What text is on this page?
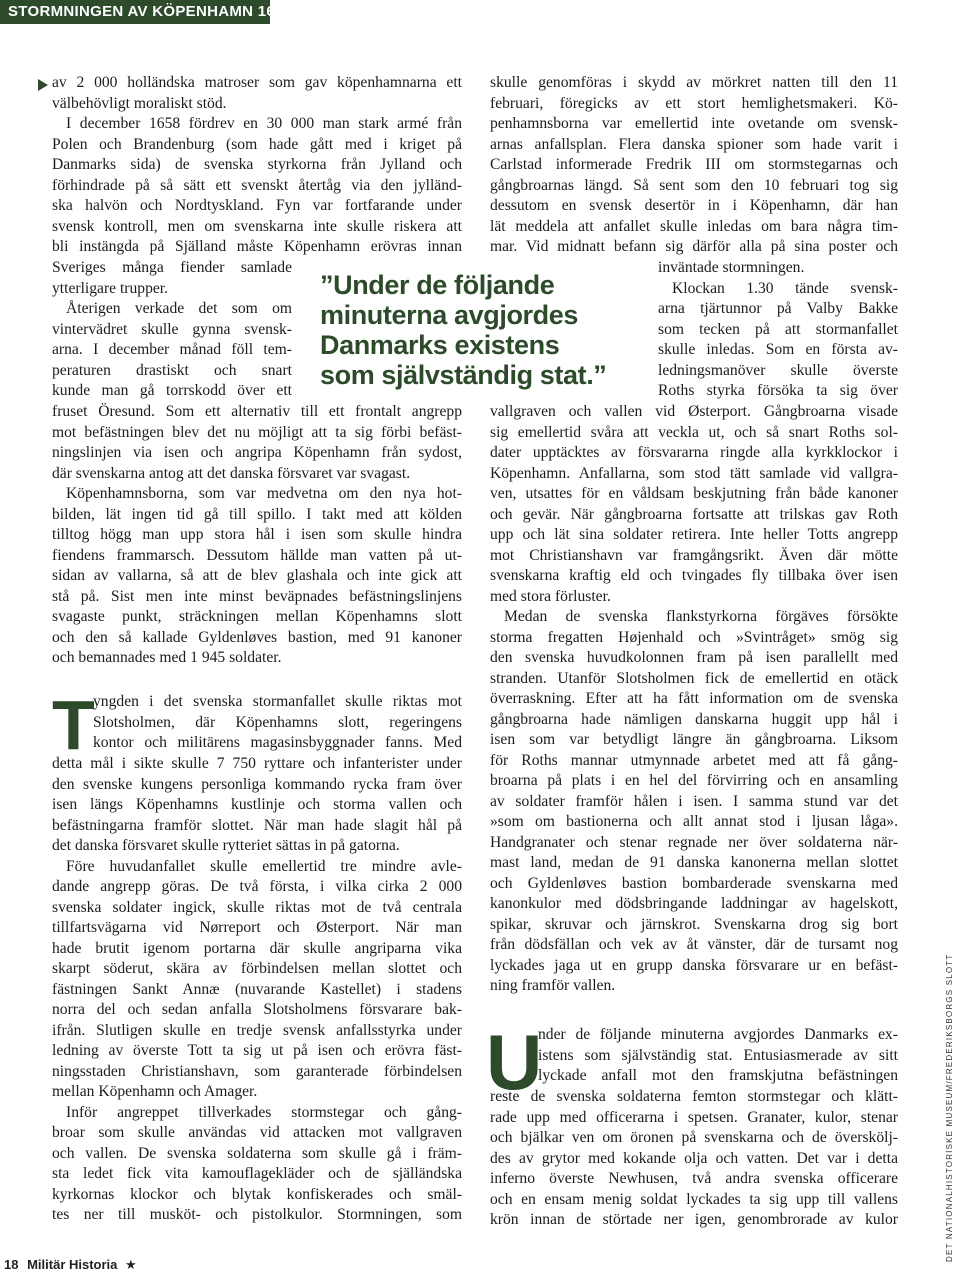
STORMNINGEN AV KÖPENHAMN 1659
av 2 000 holländska matroser som gav köpenhamnarna ett
välbehövligt moraliskt stöd.
I december 1658 fördrev en 30 000 man stark armé från
Polen och Brandenburg (som hade gått med i kriget på
Danmarks sida) de svenska styrkorna från Jylland och
förhindrade på så sätt ett svenskt återtåg via den jylländ-
ska halvön och Nordtyskland. Fyn var fortfarande under
svensk kontroll, men om svenskarna inte skulle riskera att
bli instängda på Själland måste Köpenhamn erövras innan
Sveriges många fiender samlade
ytterligare trupper.
Återigen verkade det som om
vintervädret skulle gynna svensk-
arna. I december månad föll tem-
peraturen drastiskt och snart
kunde man gå torrskodd över ett
fruset Öresund. Som ett alternativ till ett frontalt angrepp
mot befästningen blev det nu möjligt att ta sig förbi befäst-
ningslinjen via isen och angripa Köpenhamn från sydost,
där svenskarna antog att det danska försvaret var svagast.
Köpenhamnsborna, som var medvetna om den nya hot-
bilden, lät ingen tid gå till spillo. I takt med att kölden
tilltog högg man upp stora hål i isen som skulle hindra
fiendens frammarsch. Dessutom hällde man vatten på ut-
sidan av vallarna, så att de blev glashala och inte gick att
stå på. Sist men inte minst beväpnades befästningslinjens
svagaste punkt, sträckningen mellan Köpenhamns slott
och den så kallade Gyldenløves bastion, med 91 kanoner
och bemannades med 1 945 soldater.
T
yngden i det svenska stormanfallet skulle riktas mot
Slotsholmen, där Köpenhamns slott, regeringens
kontor och militärens magasinsbyggnader fanns. Med
detta mål i sikte skulle 7 750 ryttare och infanterister under
den svenske kungens personliga kommando rycka fram över
isen längs Köpenhamns kustlinje och storma vallen och
befästningarna framför slottet. När man hade slagit hål på
det danska försvaret skulle rytteriet sättas in på gatorna.
Före huvudanfallet skulle emellertid tre mindre avle-
dande angrepp göras. De två första, i vilka cirka 2 000
svenska soldater ingick, skulle riktas mot de två centrala
tillfartsvägarna vid Nørreport och Østerport. När man
hade brutit igenom portarna där skulle angriparna vika
skarpt söderut, skära av förbindelsen mellan slottet och
fästningen Sankt Annæ (nuvarande Kastellet) i stadens
norra del och sedan anfalla Slotsholmens försvarare bak-
ifrån. Slutligen skulle en tredje svensk anfallsstyrka under
ledning av överste Tott ta sig ut på isen och erövra fäst-
ningsstaden Christianshavn, som garanterade förbindelsen
mellan Köpenhamn och Amager.
Inför angreppet tillverkades stormstegar och gång-
broar som skulle användas vid attacken mot vallgraven
och vallen. De svenska soldaterna som skulle gå i främ-
sta ledet fick vita kamouflagekläder och de själländska
kyrkornas klockor och blytak konfiskerades och smäl-
tes ner till musköt- och pistolkulor. Stormningen, som
skulle genomföras i skydd av mörkret natten till den 11
februari, föregicks av ett stort hemlighetsmakeri. Kö-
penhamnsborna var emellertid inte ovetande om svensk-
arnas anfallsplan. Flera danska spioner som hade varit i
Carlstad informerade Fredrik III om stormstegarnas och
gångbroarnas längd. Så sent som den 10 februari tog sig
dessutom en svensk desertör in i Köpenhamn, där han
lät meddela att anfallet skulle inledas om bara några tim-
mar. Vid midnatt befann sig därför alla på sina poster och
inväntade stormningen.
Klockan 1.30 tände svensk-
arna tjärtunnor på Valby Bakke
som tecken på att stormanfallet
skulle inledas. Som en första av-
ledningsmanöver skulle överste
Roths styrka försöka ta sig över
vallgraven och vallen vid Østerport. Gångbroarna visade
sig emellertid svåra att veckla ut, och så snart Roths sol-
dater upptäcktes av försvararna ringde alla kyrkklockor i
Köpenhamn. Anfallarna, som stod tätt samlade vid vallgra-
ven, utsattes för en våldsam beskjutning från både kanoner
och gevär. När gångbroarna fortsatte att trilskas gav Roth
upp och lät sina soldater retirera. Inte heller Totts angrepp
mot Christianshavn var framgångsrikt. Även där mötte
svenskarna kraftig eld och tvingades fly tillbaka över isen
med stora förluster.
Medan de svenska flankstyrkorna förgäves försökte
storma fregatten Højenhald och »Svintråget» smög sig
den svenska huvudkolonnen fram på isen parallellt med
stranden. Utanför Slotsholmen fick de emellertid en otäck
överraskning. Efter att ha fått information om de svenska
gångbroarna hade nämligen danskarna huggit upp hål i
isen som var betydligt längre än gångbroarna. Liksom
för Roths mannar utmynnade arbetet med att få gång-
broarna på plats i en hel del förvirring och en ansamling
av soldater framför hålen i isen. I samma stund var det
»som om bastionerna och allt annat stod i ljusan låga».
Handgranater och stenar regnade ner över soldaterna när-
mast land, medan de 91 danska kanonerna mellan slottet
och Gyldenløves bastion bombarderade svenskarna med
kanonkulor med dödsbringande laddningar av hagelskott,
spikar, skruvar och järnskrot. Svenskarna drog sig bort
från dödsfällan och vek av åt vänster, där de tursamt nog
lyckades jaga ut en grupp danska försvarare ur en befäst-
ning framför vallen.
U
nder de följande minuterna avgjordes Danmarks ex-
istens som självständig stat. Entusiasmerade av sitt
lyckade anfall mot den framskjutna befästningen
reste de svenska soldaterna femton stormstegar och klätt-
rade upp med officerarna i spetsen. Granater, kulor, stenar
och bjälkar ven om öronen på svenskarna och de överskölj-
des av grytor med kokande olja och vatten. Det var i detta
inferno överste Newhusen, två andra svenska officerare
och en ensam menig soldat lyckades ta sig upp till vallens
krön innan de störtade ner igen, genombrorade av kulor
”Under de följande
minuterna avgjordes
Danmarks existens
som självständig stat.”
DET NATIONALHISTORISKE MUSEUM/FREDERIKSBORGS SLOTT
18 Militär Historia ★
